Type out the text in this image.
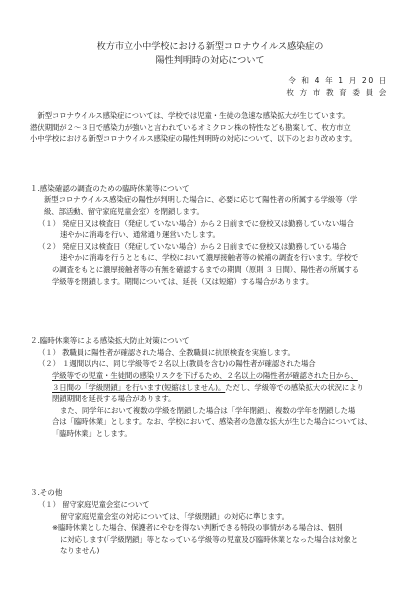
枚方市立小中学校における新型コロナウイルス感染症の

陽性判明時の対応について

令 和 4 年 1 月 20 日

枚 方 市 教 育 委 員 会

新型コロナウイルス感染症については、学校では児童・生徒の急速な感染拡大が生じています。

潜伏期間が２～３日で感染力が強いと言われているオミクロン株の特性なども勘案して、枚方市立

小中学校における新型コロナウイルス感染症の陽性判明時の対応について、以下のとおり改めます。

１.感染確認の調査のための臨時休業等について

新型コロナウイルス感染症の陽性が判明した場合に、必要に応じて陽性者の所属する学級等（学

級、部活動、留守家庭児童会室）を閉鎖します。

（１） 発症日又は検査日（発症していない場合）から２日前までに登校又は勤務していない場合

速やかに消毒を行い、通常通り運営いたします。

（２） 発症日又は検査日（発症していない場合）から２日前までに登校又は勤務している場合

速やかに消毒を行うとともに、学校において濃厚接触者等の候補の調査を行います。学校で

の調査をもとに濃厚接触者等の有無を確認するまでの期間（原則 ３ 日間）、陽性者の所属する

学級等を閉鎖します。期間については、延長（又は短縮）する場合があります。

２.臨時休業等による感染拡大防止対策について

（１） 教職員に陽性者が確認された場合、全教職員に抗原検査を実施します。

（２） １週間以内に、同じ学級等で２名以上(教員を含む)の陽性者が確認された場合

学級等での児童・生徒間の感染リスクを下げるため、２名以上の陽性者が確認された日から、

３日間の「学級閉鎖」を行います(短縮はしません)。ただし、学級等での感染拡大の状況により

閉鎖期間を延長する場合があります。

また、同学年において複数の学級を閉鎖した場合は「学年閉鎖」、複数の学年を閉鎖した場

合は「臨時休業」とします。なお、学校において、感染者の急激な拡大が生じた場合については、

「臨時休業」とします。

３.その他

（１） 留守家庭児童会室について

留守家庭児童会室の対応については、「学級閉鎖」の対応に準じます。

※臨時休業とした場合、保護者にやむを得ない判断できる特段の事情がある場合は、個別

に対応します(「学級閉鎖」等となっている学級等の児童及び臨時休業となった場合は対象と

なりません)
